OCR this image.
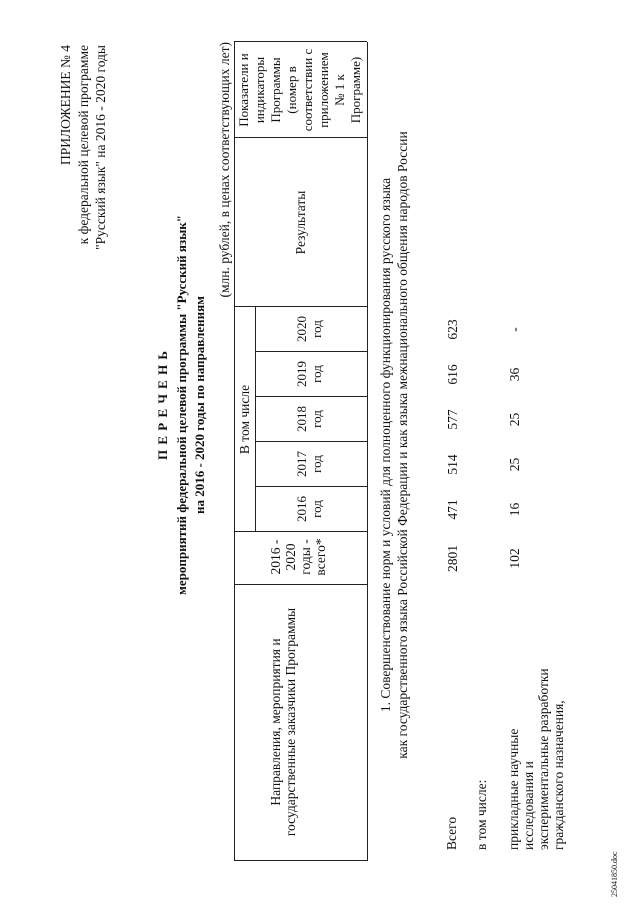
ПРИЛОЖЕНИЕ № 4 к федеральной целевой программе "Русский язык" на 2016 - 2020 годы
П Е Р Е Ч Е Н Ь мероприятий федеральной целевой программы "Русский язык" на 2016 - 2020 годы по направлениям
(млн. рублей, в ценах соответствующих лет)
Направления, мероприятия и государственные заказчики Программы
2016 - 2020 годы - всего*
В том числе
2016 год
2017 год
2018 год
2019 год
2020 год
Результаты
Показатели и индикаторы Программы (номер в соответствии с приложением № 1 к Программе)
1. Совершенствование норм и условий для полноценного функционирования русского языка как государственного языка Российской Федерации и как языка межнационального общения народов России
Всего
2801
471
514
577
616
623
в том числе: прикладные научные исследования и экспериментальные разработки гражданского назначения,
102
16
25
25
36
-
25041850.doc
